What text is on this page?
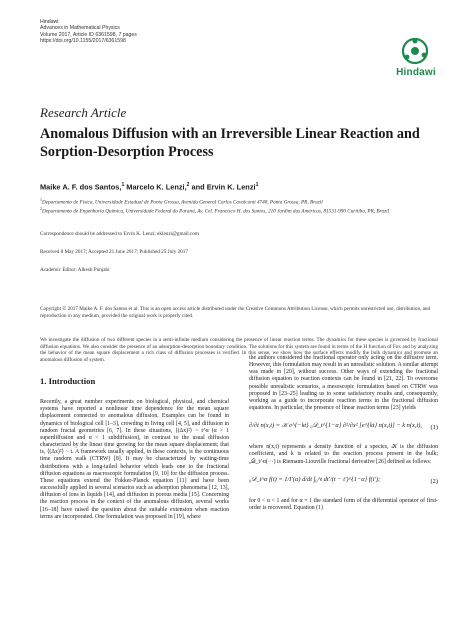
Hindawi
Advances in Mathematical Physics
Volume 2017, Article ID 6361598, 7 pages
https://doi.org/10.1155/2017/6361598
Hindawi
Research Article
Anomalous Diffusion with an Irreversible Linear Reaction and Sorption-Desorption Process
Maike A. F. dos Santos,$^1$ Marcelo K. Lenzi,$^2$ and Ervin K. Lenzi$^1$
$^1$Departamento de Física, Universidade Estadual de Ponta Grossa, Avenida General Carlos Cavalcanti 4748, Ponta Grossa, PR, Brazil
$^2$Departamento de Engenharia Química, Universidade Federal do Paraná, Av. Cel. Francisco H. dos Santos, 210 Jardim das Américas, 81531-990 Curitiba, PR, Brazil
Correspondence should be addressed to Ervin K. Lenzi; eklenzi@gmail.com
Received 8 May 2017; Accepted 21 June 2017; Published 25 July 2017
Academic Editor: Alkesh Punjabi
Copyright © 2017 Maike A. F. dos Santos et al. This is an open access article distributed under the Creative Commons Attribution License, which permits unrestricted use, distribution, and reproduction in any medium, provided the original work is properly cited.
We investigate the diffusion of two different species in a semi-infinite medium considering the presence of linear reaction terms. The dynamics for these species is governed by fractional diffusion equations. We also consider the presence of an adsorption-desorption boundary condition. The solutions for this system are found in terms of the H function of Fox and by analyzing the behavior of the mean square displacement a rich class of diffusion processes is verified. In this sense, we show how the surface effects modify the bulk dynamics and promote an anomalous diffusion of system.
1. Introduction

Recently, a great number experiments on biological, physical, and chemical systems have reported a nonlinear time dependence for the mean square displacement connected to anomalous diffusion. Examples can be found in dynamics of biological cell [1–3], crowding in living cell [4, 5], and diffusion in random fractal geometries [6, 7]. In these situations, ⟨(Δx)²⟩ ~ t^α (α > 1 superdiffusion and α < 1 subdiffusion), in contrast to the usual diffusion characterized by the linear time growing for the mean square displacement; that is, ⟨(Δx)²⟩ ~ t. A framework usually applied, in these contexts, is the continuous time random walk (CTRW) [8]. It may be characterized by waiting-time distributions with a long-tailed behavior which leads one to the fractional diffusion equations as macroscopic formulation [9, 10] for the diffusion process. These equations extend the Fokker-Planck equation [11] and have been successfully applied in several scenarios such as adsorption phenomena [12, 13], diffusion of ions in liquids [14], and diffusion in porous media [15]. Concerning the reaction process in the context of the anomalous diffusion, several works [16–18] have raised the question about the suitable extension when reaction terms are incorporated. One formulation was proposed in [19], where

the authors considered the fractional operator only acting on the diffusive term. However, this formulation may result in an unrealistic solution. A similar attempt was made in [20], without success. Other ways of extending the fractional diffusion equation to reaction contexts can be found in [21, 22]. To overcome possible unrealistic scenarios, a mesoscopic formulation based on CTRW was proposed in [23–25] leading us to some satisfactory results and, consequently, working as a guide to incorporate reaction terms in the fractional diffusion equations. In particular, the presence of linear reaction terms [23] yields

∂/∂t n(x,t) = 𝒦 e^{−kt} ₀𝒟_t^{1−α} ∂²/∂x² [e^{kt} n(x,t)] − k n(x,t), (1)

where n(x,t) represents a density function of a species, 𝒦 is the diffusion coefficient, and k is related to the reaction process present in the bulk; ₀𝒟_t^α(···) is Riemann-Liouville fractional derivative [26] defined as follows:

₀𝒟_t^α f(t) = 1/Γ(α) d/dt ∫₀^t dt′/(t − t′)^{1−α} f(t′);	(2)

for 0 < α < 1 and for α = 1 the standard form of the differential operator of first-order is recovered. Equation (1)
